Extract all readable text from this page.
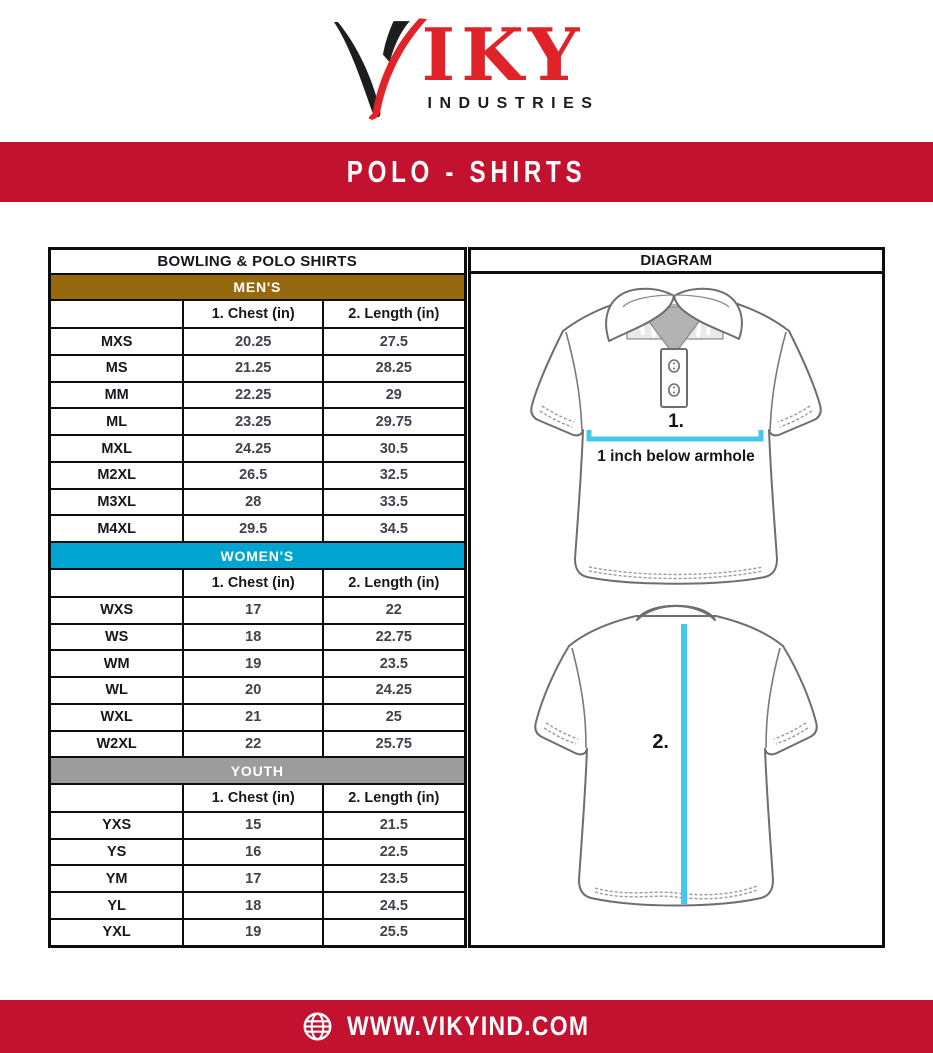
IKY
INDUSTRIES
POLO - SHIRTS
BOWLING & POLO SHIRTS		
MEN'S		
	1. Chest (in)	2. Length (in)
MXS	20.25	27.5
MS	21.25	28.25
MM	22.25	29
ML	23.25	29.75
MXL	24.25	30.5
M2XL	26.5	32.5
M3XL	28	33.5
M4XL	29.5	34.5
WOMEN'S		
	1. Chest (in)	2. Length (in)
WXS	17	22
WS	18	22.75
WM	19	23.5
WL	20	24.25
WXL	21	25
W2XL	22	25.75
YOUTH		
	1. Chest (in)	2. Length (in)
YXS	15	21.5
YS	16	22.5
YM	17	23.5
YL	18	24.5
YXL	19	25.5
DIAGRAM
1.
1 inch below armhole
2.
WWW.VIKYIND.COM
